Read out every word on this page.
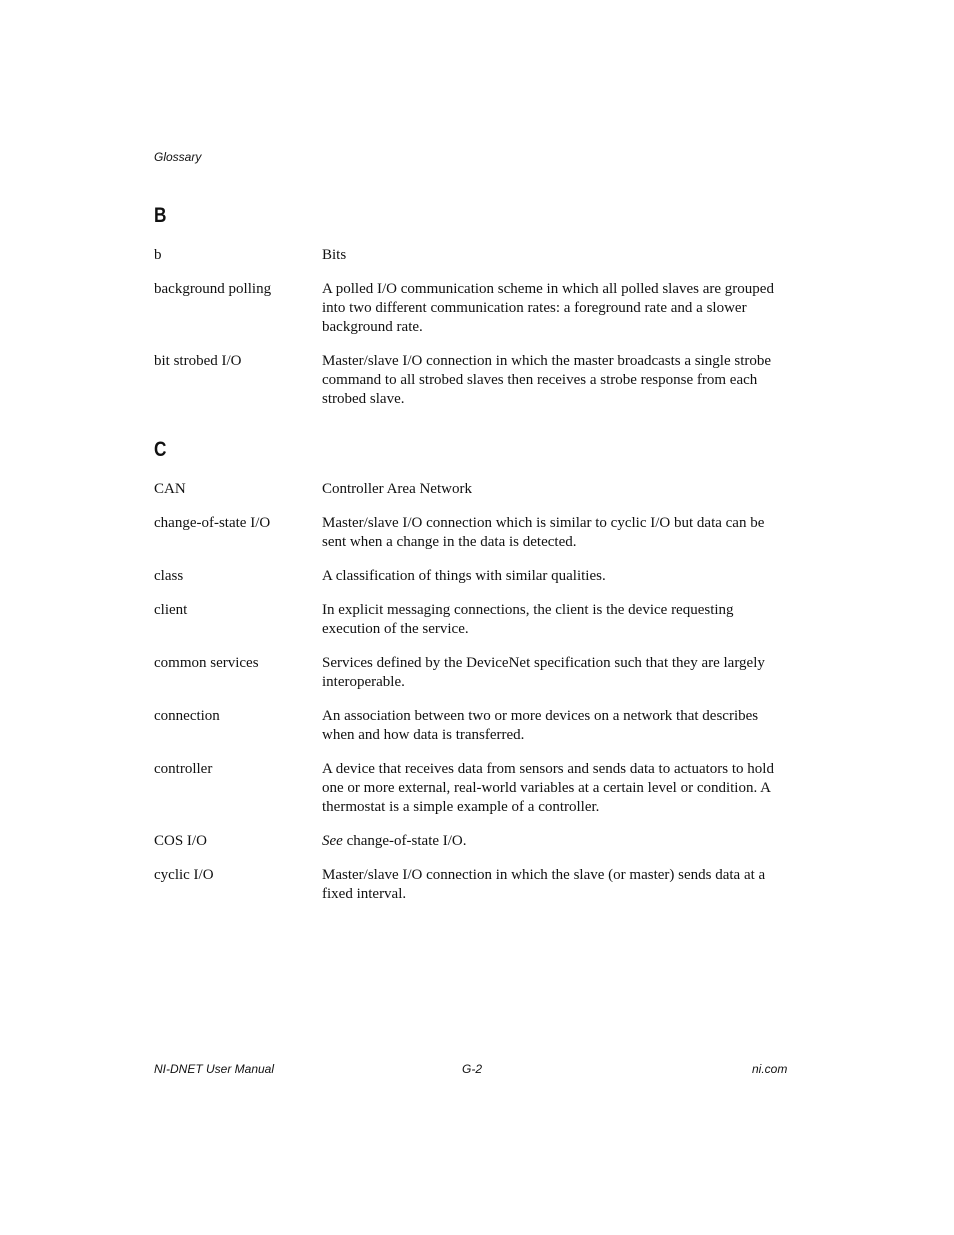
Glossary
B
b	Bits
background polling	A polled I/O communication scheme in which all polled slaves are grouped into two different communication rates: a foreground rate and a slower background rate.
bit strobed I/O	Master/slave I/O connection in which the master broadcasts a single strobe command to all strobed slaves then receives a strobe response from each strobed slave.
C
CAN	Controller Area Network
change-of-state I/O	Master/slave I/O connection which is similar to cyclic I/O but data can be sent when a change in the data is detected.
class	A classification of things with similar qualities.
client	In explicit messaging connections, the client is the device requesting execution of the service.
common services	Services defined by the DeviceNet specification such that they are largely interoperable.
connection	An association between two or more devices on a network that describes when and how data is transferred.
controller	A device that receives data from sensors and sends data to actuators to hold one or more external, real-world variables at a certain level or condition. A thermostat is a simple example of a controller.
COS I/O	See change-of-state I/O.
cyclic I/O	Master/slave I/O connection in which the slave (or master) sends data at a fixed interval.
NI-DNET User Manual	G-2	ni.com
